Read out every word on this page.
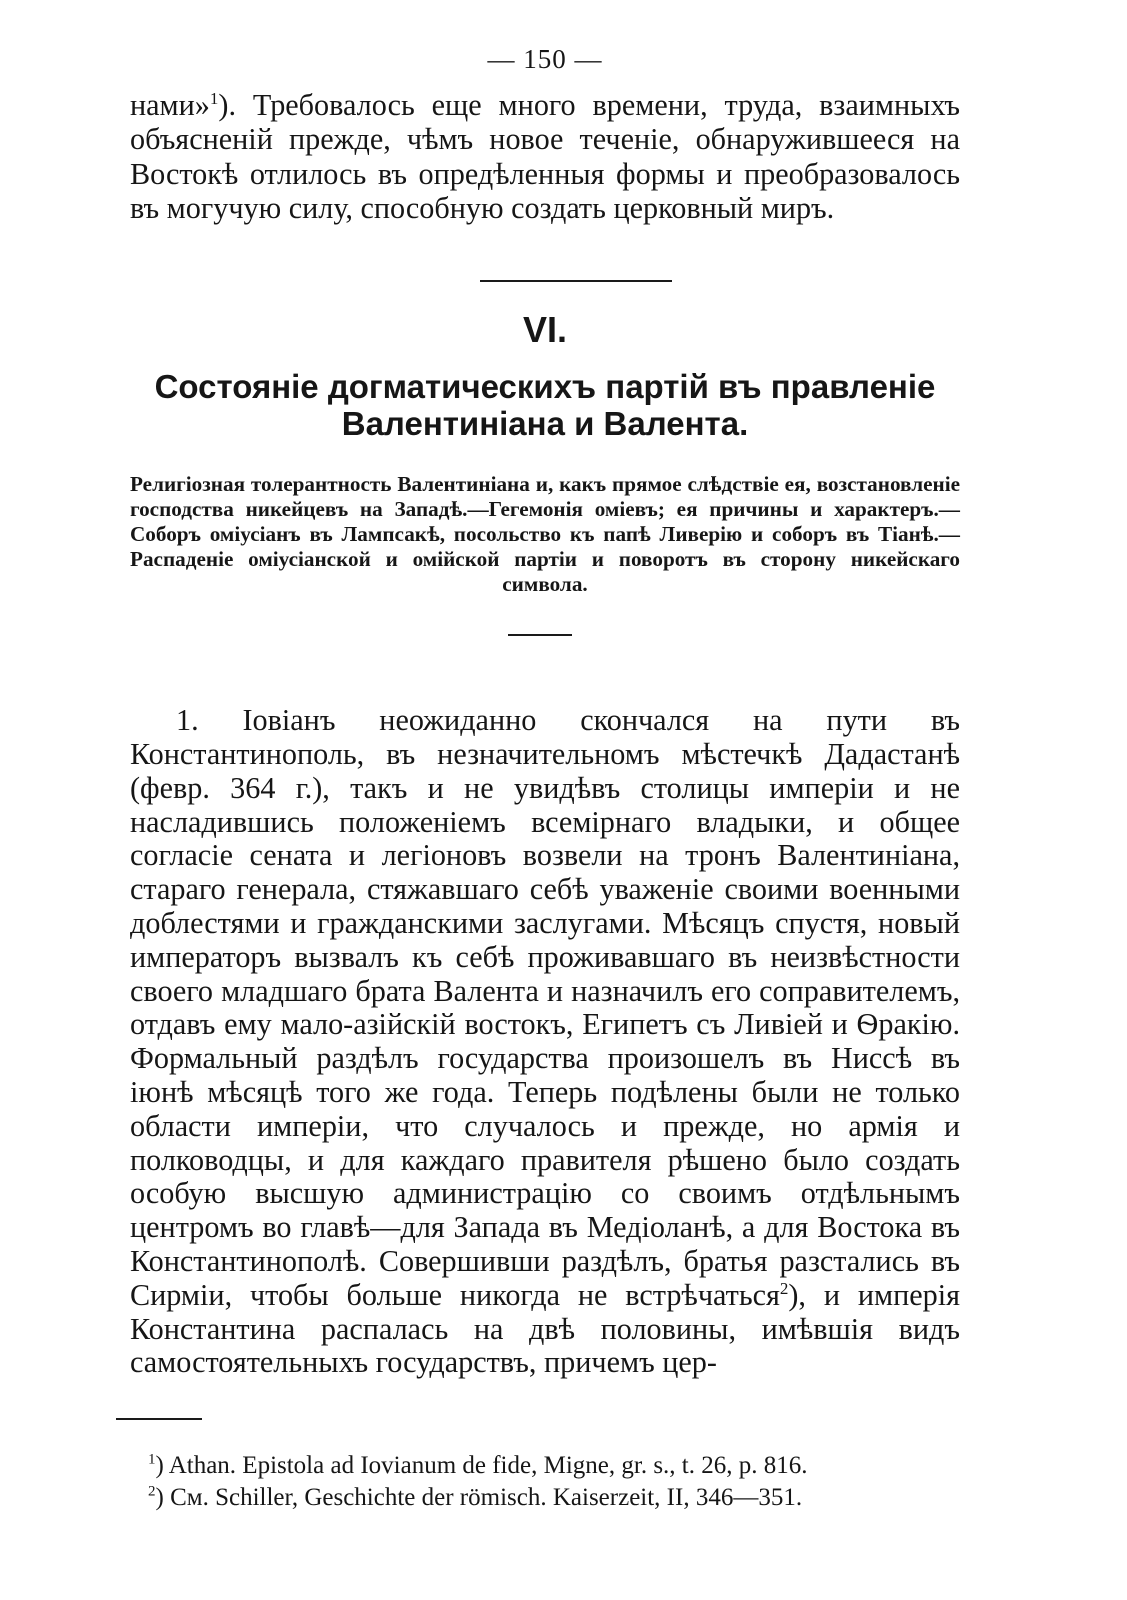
— 150 —

нами»$^1$). Требовалось еще много времени, труда, взаимныхъ объясненій прежде, чѣмъ новое теченіе, обнаружившееся на Востокѣ отлилось въ опредѣленныя формы и преобразовалось въ могучую силу, способную создать церковный миръ.

VI.
Состояніе догматическихъ партій въ правленіе Валентиніана и Валента.
Религіозная толерантность Валентиніана и, какъ прямое слѣдствіе ея, возстановленіе господства никейцевъ на Западѣ.—Гегемонія оміевъ; ея причины и характеръ.—Соборъ оміусіанъ въ Лампсакѣ, посольство къ папѣ Ливерію и соборъ въ Тіанѣ.—Распаденіе оміусіанской и омійской партіи и поворотъ въ сторону никейскаго символа.

1. Іовіанъ неожиданно скончался на пути въ Константинополь, въ незначительномъ мѣстечкѣ Дадастанѣ (февр. 364 г.), такъ и не увидѣвъ столицы имперіи и не насладившись положеніемъ всемірнаго владыки, и общее согласіе сената и легіоновъ возвели на тронъ Валентиніана, стараго генерала, стяжавшаго себѣ уваженіе своими военными доблестями и гражданскими заслугами. Мѣсяцъ спустя, новый императоръ вызвалъ къ себѣ проживавшаго въ неизвѣстности своего младшаго брата Валента и назначилъ его соправителемъ, отдавъ ему мало-азійскій востокъ, Египетъ съ Ливіей и Ѳракію. Формальный раздѣлъ государства произошелъ въ Ниссѣ въ іюнѣ мѣсяцѣ того же года. Теперь подѣлены были не только области имперіи, что случалось и прежде, но армія и полководцы, и для каждаго правителя рѣшено было создать особую высшую администрацію со своимъ отдѣльнымъ центромъ во главѣ—для Запада въ Медіоланѣ, а для Востока въ Константинополѣ. Совершивши раздѣлъ, братья разстались въ Сирміи, чтобы больше никогда не встрѣчаться$^2$), и имперія Константина распалась на двѣ половины, имѣвшія видъ самостоятельныхъ государствъ, причемъ цер-

$^1$) Athan. Epistola ad Iovianum de fide, Migne, gr. s., t. 26, p. 816.
$^2$) См. Schiller, Geschichte der römisch. Kaiserzeit, II, 346—351.
